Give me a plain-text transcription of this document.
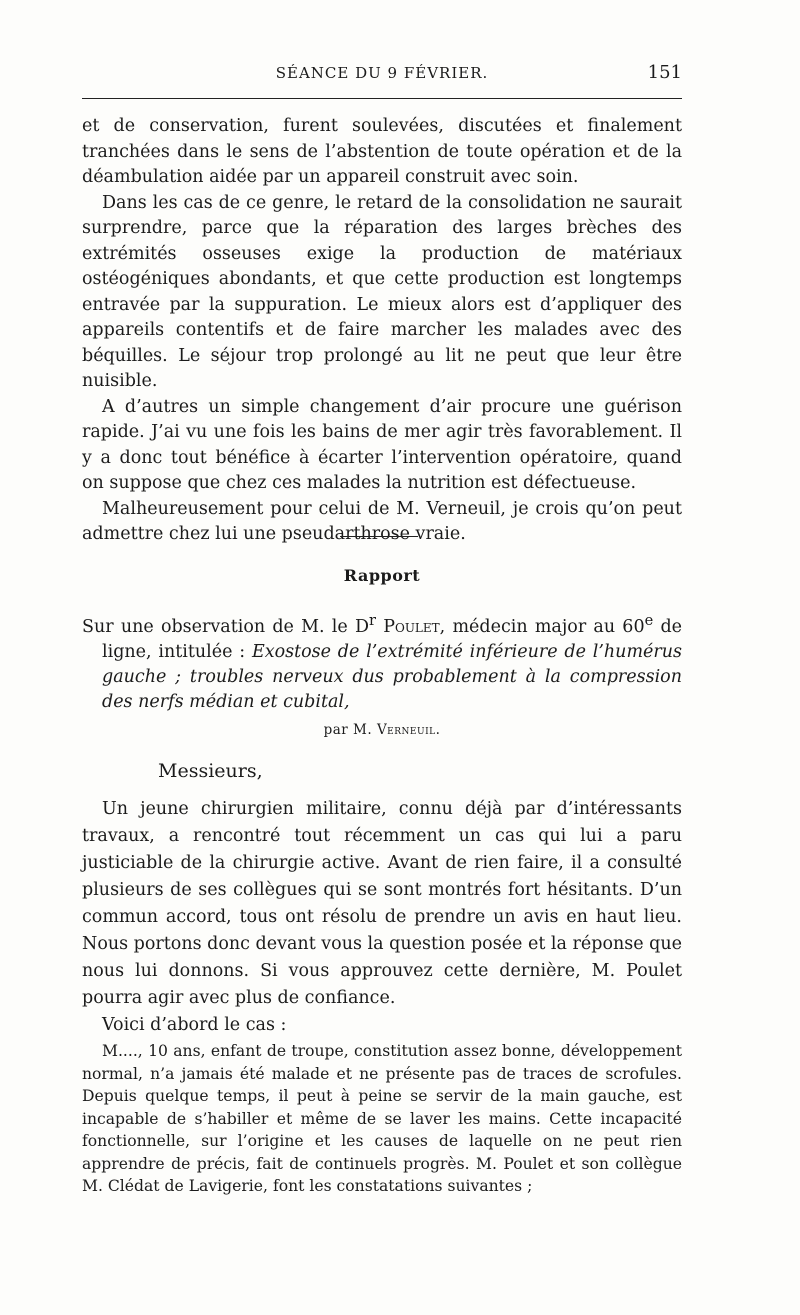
SÉANCE DU 9 FÉVRIER.	151

et de conservation, furent soulevées, discutées et finalement tranchées dans le sens de l’abstention de toute opération et de la déambulation aidée par un appareil construit avec soin.

Dans les cas de ce genre, le retard de la consolidation ne saurait surprendre, parce que la réparation des larges brèches des extrémités osseuses exige la production de matériaux ostéogéniques abondants, et que cette production est longtemps entravée par la suppuration. Le mieux alors est d’appliquer des appareils contentifs et de faire marcher les malades avec des béquilles. Le séjour trop prolongé au lit ne peut que leur être nuisible.

A d’autres un simple changement d’air procure une guérison rapide. J’ai vu une fois les bains de mer agir très favorablement. Il y a donc tout bénéfice à écarter l’intervention opératoire, quand on suppose que chez ces malades la nutrition est défectueuse.

Malheureusement pour celui de M. Verneuil, je crois qu’on peut admettre chez lui une pseudarthrose vraie.

Rapport
Sur une observation de M. le $D^r$ Poulet, médecin major au 60e de ligne, intitulée : Exostose de l’extrémité inférieure de l’humérus gauche ; troubles nerveux dus probablement à la compression des nerfs médian et cubital,
par M. Verneuil.
Messieurs,

Un jeune chirurgien militaire, connu déjà par d’intéressants travaux, a rencontré tout récemment un cas qui lui a paru justiciable de la chirurgie active. Avant de rien faire, il a consulté plusieurs de ses collègues qui se sont montrés fort hésitants. D’un commun accord, tous ont résolu de prendre un avis en haut lieu. Nous portons donc devant vous la question posée et la réponse que nous lui donnons. Si vous approuvez cette dernière, M. Poulet pourra agir avec plus de confiance.

Voici d’abord le cas :

M...., 10 ans, enfant de troupe, constitution assez bonne, développement normal, n’a jamais été malade et ne présente pas de traces de scrofules. Depuis quelque temps, il peut à peine se servir de la main gauche, est incapable de s’habiller et même de se laver les mains. Cette incapacité fonctionnelle, sur l’origine et les causes de laquelle on ne peut rien apprendre de précis, fait de continuels progrès. M. Poulet et son collègue M. Clédat de Lavigerie, font les constatations suivantes ;
